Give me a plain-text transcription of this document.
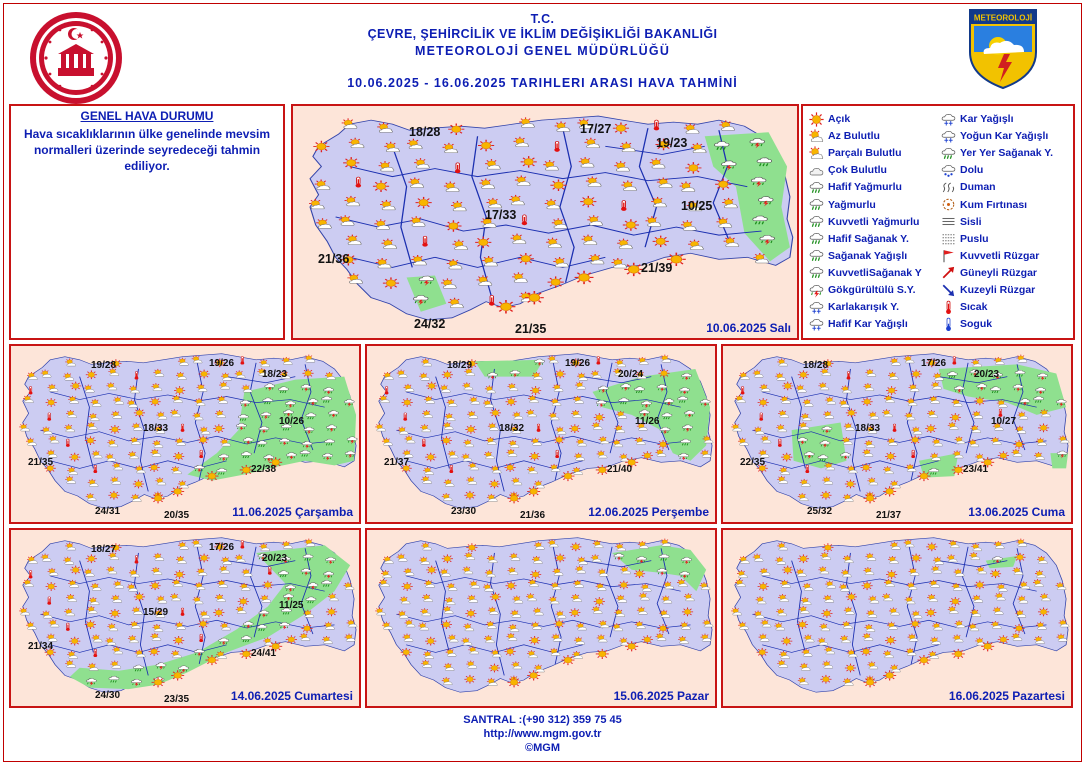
METEOROLOJİ
T.C.
ÇEVRE, ŞEHİRCİLİK VE İKLİM DEĞİŞİKLİĞİ BAKANLIĞI
METEOROLOJİ GENEL MÜDÜRLÜĞÜ
10.06.2025 - 16.06.2025 TARIHLERI ARASI HAVA TAHMİNİ
GENEL HAVA DURUMU
Hava sıcaklıklarının ülke genelinde mevsim normalleri üzerinde seyredeceği tahmin ediliyor.
Açık
Az Bulutlu
Parçalı Bulutlu
Çok Bulutlu
Hafif Yağmurlu
Yağmurlu
Kuvvetli Yağmurlu
Hafif Sağanak Y.
Sağanak Yağışlı
KuvvetliSağanak Y
Gökgürültülü S.Y.
Karlakarışık Y.
Hafif Kar Yağışlı
Kar Yağışlı
Yoğun Kar Yağışlı
Yer Yer Sağanak Y.
Dolu
Duman
Kum Fırtınası
Sisli
Puslu
Kuvvetli Rüzgar
Güneyli Rüzgar
Kuzeyli Rüzgar
Sıcak
Soguk
10.06.2025 Salı
18/28	17/27
19/23
17/33
10/25
21/36
21/39
24/32	21/35
11.06.2025 Çarşamba
19/28	19/26
18/23
18/33
10/26
21/35
22/38
24/31	20/35	12.06.2025 Perşembe
18/29	19/26
20/24
18/32
11/26
21/37
21/40
23/30	21/36	13.06.2025 Cuma
18/28	17/26
20/23
18/33
10/27
22/35
23/41
25/32	21/37
14.06.2025 Cumartesi
18/27	17/26
20/23
15/29
11/25
21/34
24/41
24/30	23/35	15.06.2025 Pazar	16.06.2025 Pazartesi
SANTRAL :(+90 312) 359 75 45
http://www.mgm.gov.tr
©MGM
